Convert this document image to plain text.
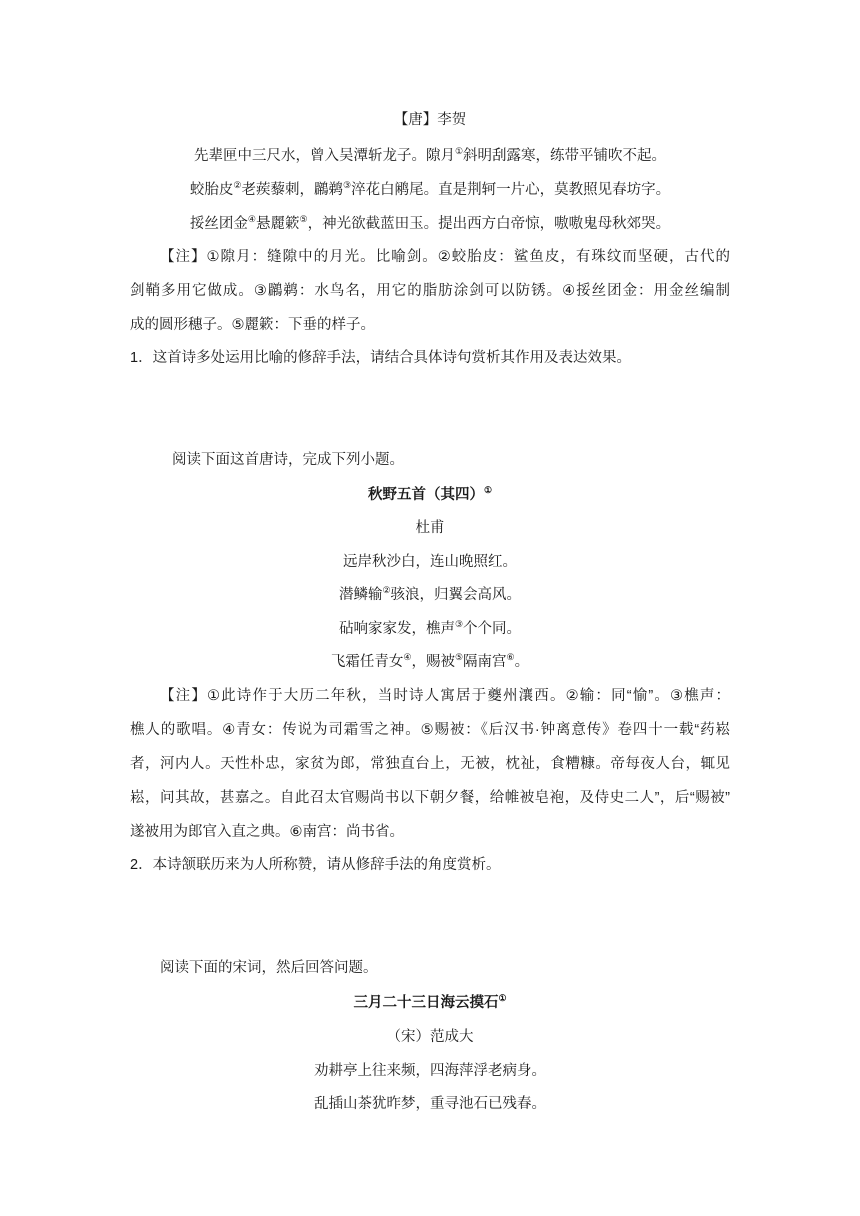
【唐】李贺
先辈匣中三尺水，曾入吴潭斩龙子。隙月①斜明刮露寒，练带平铺吹不起。
蛟胎皮②老蒺藜刺，鸊鹈③淬花白鹇尾。直是荆轲一片心，莫教照见春坊字。
挼丝团金④悬麗簌⑤，神光欲截蓝田玉。提出西方白帝惊，嗷嗷鬼母秋郊哭。
【注】①隙月：缝隙中的月光。比喻剑。②蛟胎皮：鲨鱼皮，有珠纹而坚硬，古代的
剑鞘多用它做成。③鸊鹈：水鸟名，用它的脂肪涂剑可以防锈。④挼丝团金：用金丝编制
成的圆形穗子。⑤麗簌：下垂的样子。
1．这首诗多处运用比喻的修辞手法，请结合具体诗句赏析其作用及表达效果。
阅读下面这首唐诗，完成下列小题。
秋野五首（其四）①
杜甫
远岸秋沙白，连山晚照红。
潜鳞输②骇浪，归翼会高风。
砧响家家发，樵声③个个同。
飞霜任青女④，赐被⑤隔南宫⑥。
【注】①此诗作于大历二年秋，当时诗人寓居于夔州瀼西。②输：同“愉”。③樵声：
樵人的歌唱。④青女：传说为司霜雪之神。⑤赐被：《后汉书·钟离意传》卷四十一载“药崧
者，河内人。天性朴忠，家贫为郎，常独直台上，无被，枕祉，食糟糠。帝每夜人台，辄见
崧，问其故，甚嘉之。自此召太官赐尚书以下朝夕餐，给帷被皂袍，及侍史二人”，后“赐被”
遂被用为郎官入直之典。⑥南宫：尚书省。
2．本诗颔联历来为人所称赞，请从修辞手法的角度赏析。
阅读下面的宋词，然后回答问题。
三月二十三日海云摸石①
（宋）范成大
劝耕亭上往来频，四海萍浮老病身。
乱插山茶犹昨梦，重寻池石已残春。
